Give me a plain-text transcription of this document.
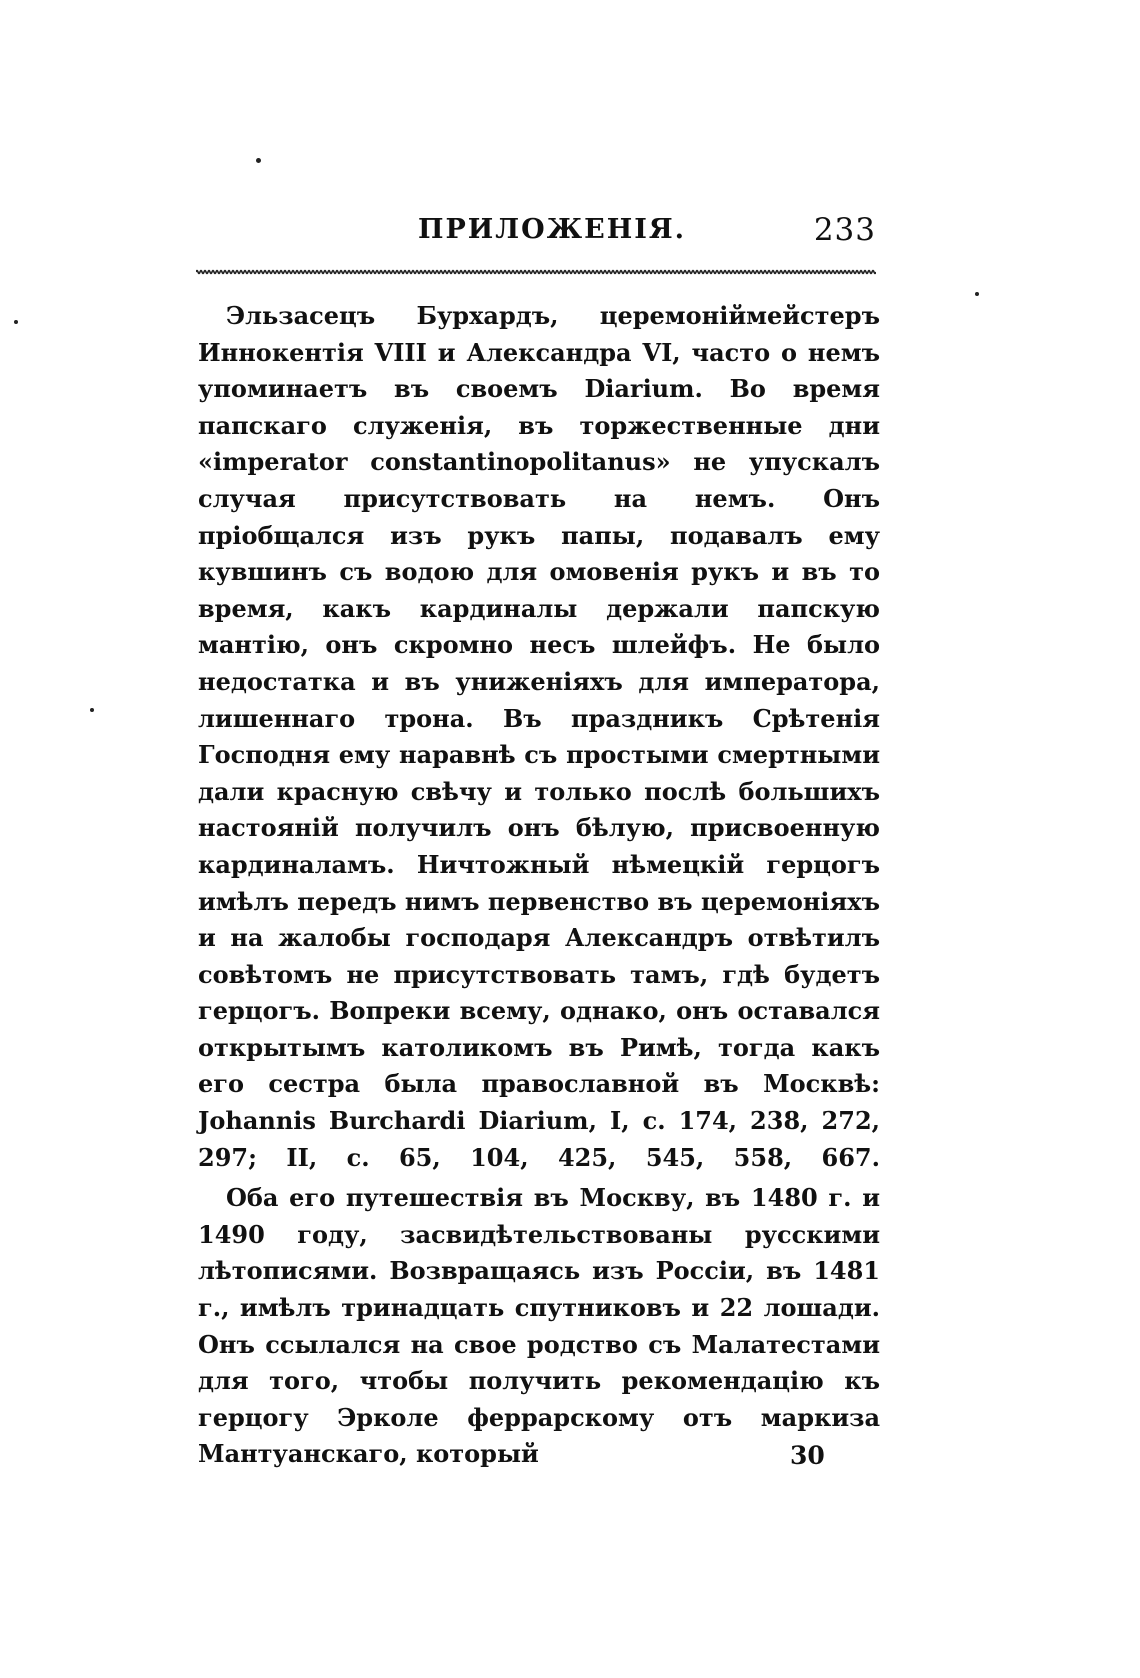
ПРИЛОЖЕНІЯ.	233

Эльзасецъ Бурхардъ, церемоніймейстеръ Иннокентія VIII и Александра VI, часто о немъ упоминаетъ въ своемъ Diarium. Во время папскаго служенія, въ торжественные дни «imperator constantinopolitanus» не упускалъ случая присутствовать на немъ. Онъ пріобщался изъ рукъ папы, подавалъ ему кувшинъ съ водою для омовенія рукъ и въ то время, какъ кардиналы держали папскую мантію, онъ скромно несъ шлейфъ. Не было недостатка и въ униженіяхъ для императора, лишеннаго трона. Въ праздникъ Срѣтенія Господня ему наравнѣ съ простыми смертными дали красную свѣчу и только послѣ большихъ настояній получилъ онъ бѣлую, присвоенную кардиналамъ. Ничтожный нѣмецкій герцогъ имѣлъ передъ нимъ первенство въ церемоніяхъ и на жалобы господаря Александръ отвѣтилъ совѣтомъ не присутствовать тамъ, гдѣ будетъ герцогъ. Вопреки всему, однако, онъ оставался открытымъ католикомъ въ Римѣ, тогда какъ его сестра была православной въ Москвѣ: Johannis Burchardi Diarium, I, c. 174, 238, 272, 297; II, c. 65, 104, 425, 545, 558, 667.

Оба его путешествія въ Москву, въ 1480 г. и 1490 году, засвидѣтельствованы русскими лѣтописями. Возвращаясь изъ Россіи, въ 1481 г., имѣлъ тринадцать спутниковъ и 22 лошади. Онъ ссылался на свое родство съ Малатестами для того, чтобы получить рекомендацію къ герцогу Эрколе феррарскому отъ маркиза Мантуанскаго, который	30
